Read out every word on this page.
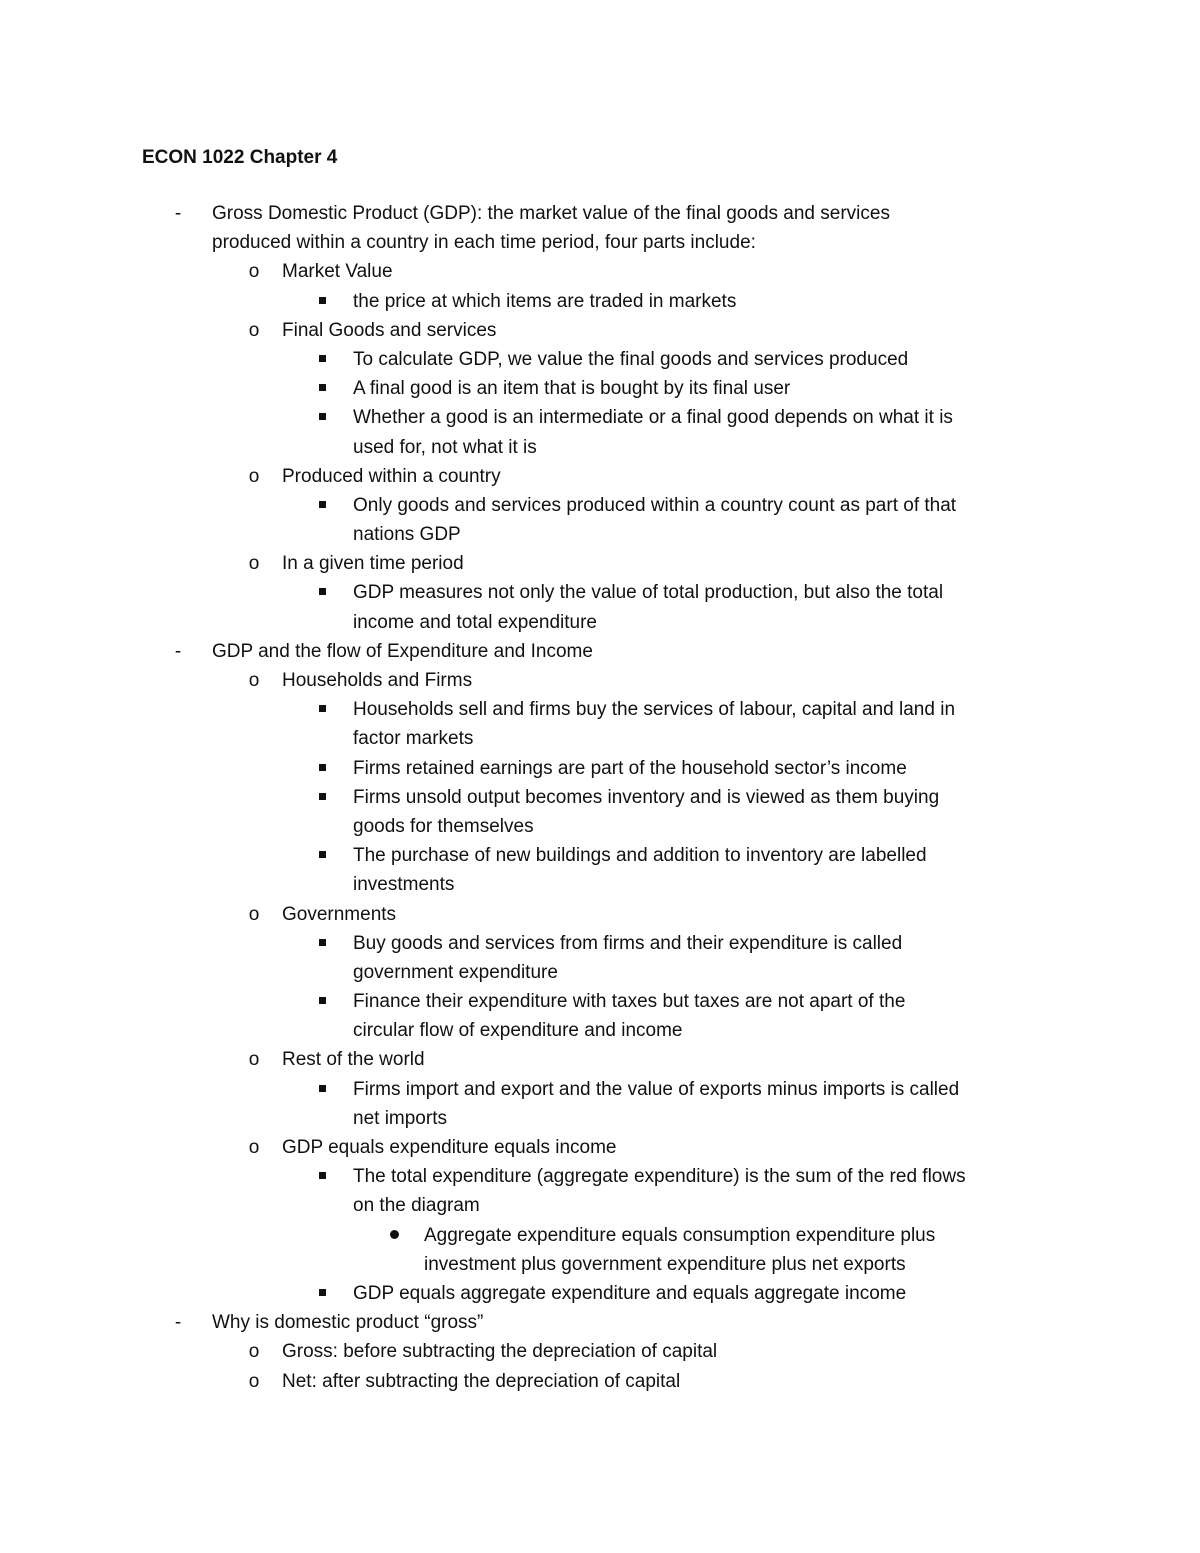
ECON 1022 Chapter 4
-	Gross Domestic Product (GDP): the market value of the final goods and services
produced within a country in each time period, four parts include:
o Market Value
the price at which items are traded in markets
o Final Goods and services
To calculate GDP, we value the final goods and services produced
A final good is an item that is bought by its final user
Whether a good is an intermediate or a final good depends on what it is
used for, not what it is
o Produced within a country
Only goods and services produced within a country count as part of that
nations GDP
o In a given time period
GDP measures not only the value of total production, but also the total
income and total expenditure
-	GDP and the flow of Expenditure and Income
o Households and Firms
Households sell and firms buy the services of labour, capital and land in
factor markets
Firms retained earnings are part of the household sector’s income
Firms unsold output becomes inventory and is viewed as them buying
goods for themselves
The purchase of new buildings and addition to inventory are labelled
investments
o Governments
Buy goods and services from firms and their expenditure is called
government expenditure
Finance their expenditure with taxes but taxes are not apart of the
circular flow of expenditure and income
o Rest of the world
Firms import and export and the value of exports minus imports is called
net imports
o GDP equals expenditure equals income
The total expenditure (aggregate expenditure) is the sum of the red flows
on the diagram
Aggregate expenditure equals consumption expenditure plus
investment plus government expenditure plus net exports
GDP equals aggregate expenditure and equals aggregate income
-	Why is domestic product “gross”
o Gross: before subtracting the depreciation of capital
o Net: after subtracting the depreciation of capital
